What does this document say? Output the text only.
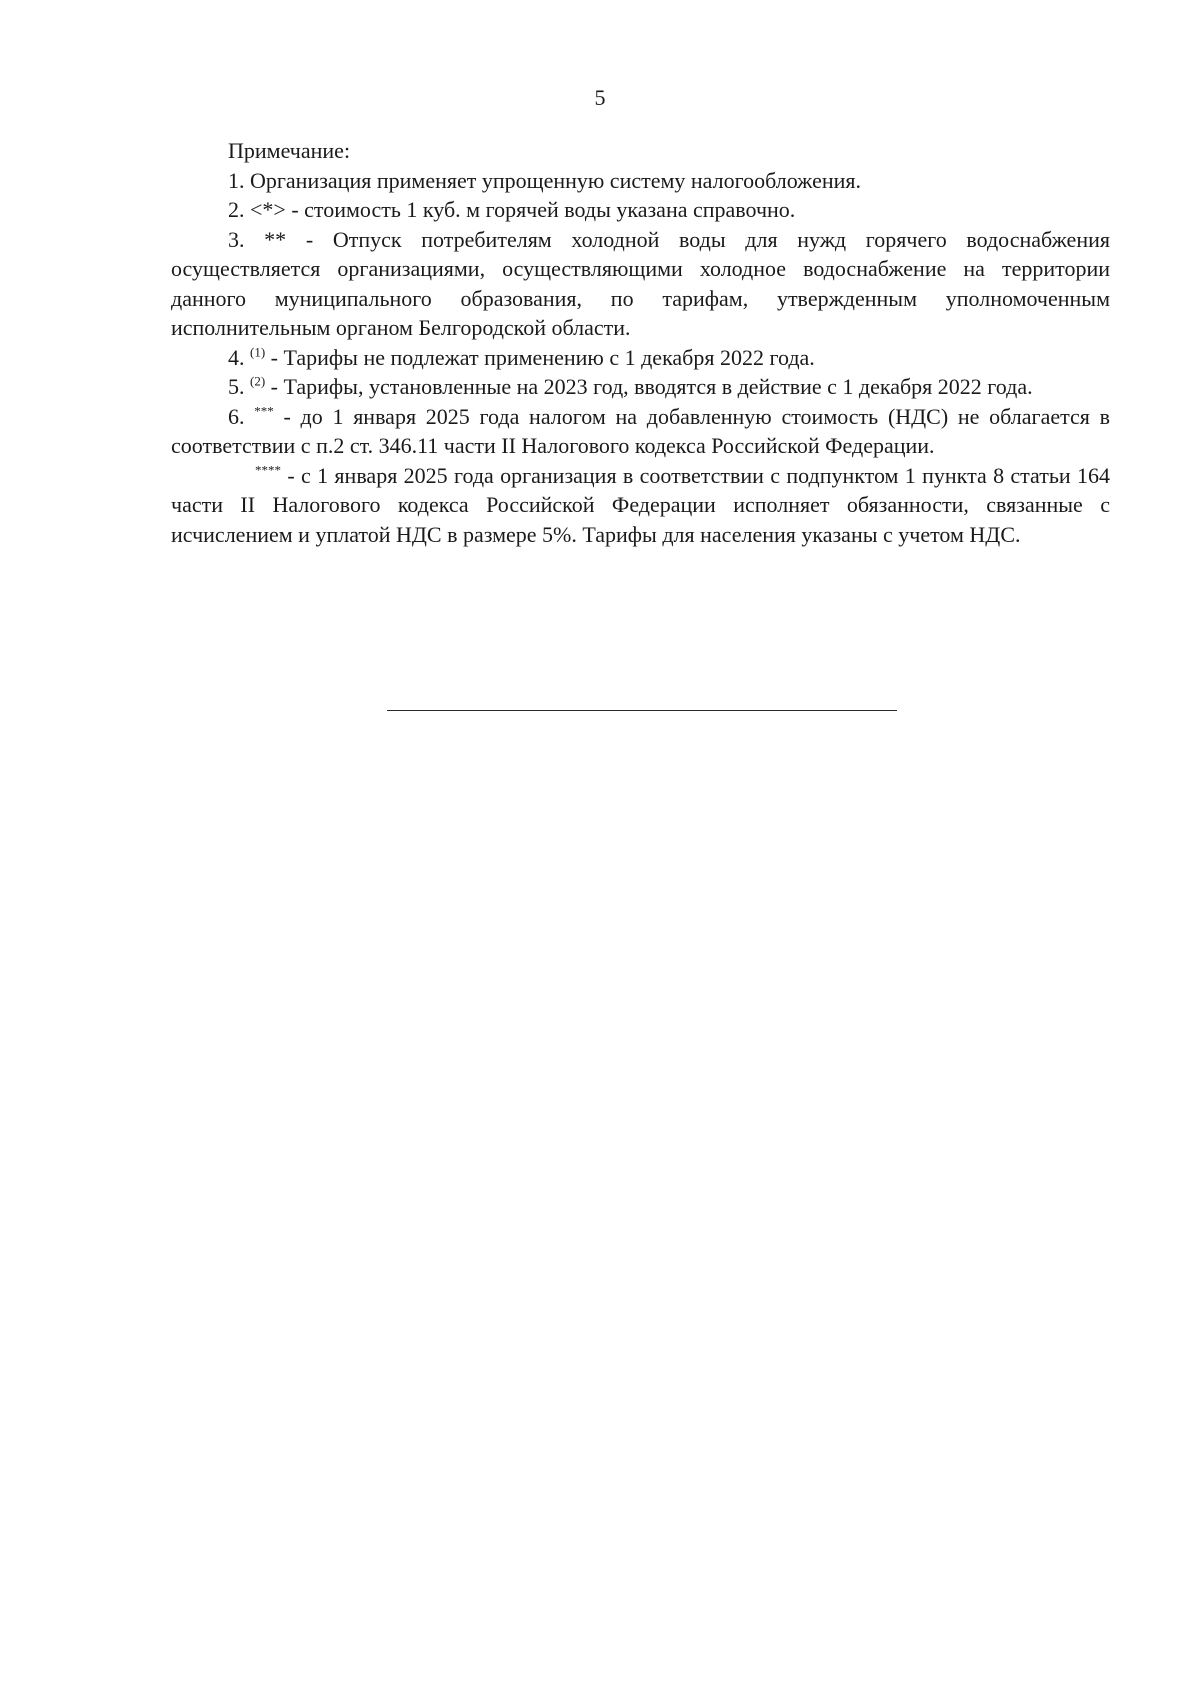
5

Примечание:

1. Организация применяет упрощенную систему налогообложения.

2. <*> - стоимость 1 куб. м горячей воды указана справочно.

3. ** - Отпуск потребителям холодной воды для нужд горячего водоснабжения осуществляется организациями, осуществляющими холодное водоснабжение на территории данного муниципального образования, по тарифам, утвержденным уполномоченным исполнительным органом Белгородской области.

4. $^{(1)}$ - Тарифы не подлежат применению с 1 декабря 2022 года.

5. $^{(2)}$ - Тарифы, установленные на 2023 год, вводятся в действие с 1 декабря 2022 года.

6. *** - до 1 января 2025 года налогом на добавленную стоимость (НДС) не облагается в соответствии с п.2 ст. 346.11 части II Налогового кодекса Российской Федерации.

**** - с 1 января 2025 года организация в соответствии с подпунктом 1 пункта 8 статьи 164 части II Налогового кодекса Российской Федерации исполняет обязанности, связанные с исчислением и уплатой НДС в размере 5%. Тарифы для населения указаны с учетом НДС.
